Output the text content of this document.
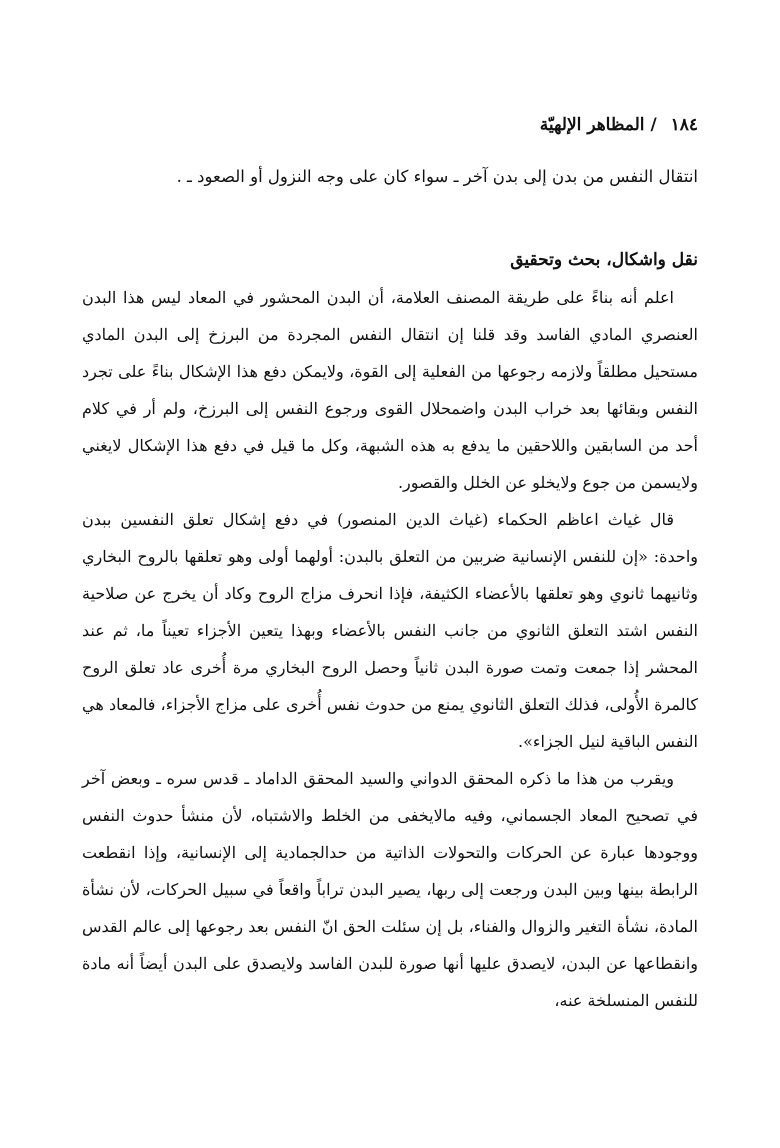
١٨٤ / المظاهر الإلهيّة

انتقال النفس من بدن إلى بدن آخر ـ سواء كان على وجه النزول أو الصعود ـ .

نقل واشكال، بحث وتحقيق

اعلم أنه بناءً على طريقة المصنف العلامة، أن البدن المحشور في المعاد ليس هذا البدن العنصري المادي الفاسد وقد قلنا إن انتقال النفس المجردة من البرزخ إلى البدن المادي مستحيل مطلقاً ولازمه رجوعها من الفعلية إلى القوة، ولايمكن دفع هذا الإشكال بناءً على تجرد النفس وبقائها بعد خراب البدن واضمحلال القوى ورجوع النفس إلى البرزخ، ولم أر في كلام أحد من السابقين واللاحقين ما يدفع به هذه الشبهة، وكل ما قيل في دفع هذا الإشكال لايغني ولايسمن من جوع ولايخلو عن الخلل والقصور.

قال غياث اعاظم الحكماء (غياث الدين المنصور) في دفع إشكال تعلق النفسين ببدن واحدة: «إن للنفس الإنسانية ضربين من التعلق بالبدن: أولهما أولى وهو تعلقها بالروح البخاري وثانيهما ثانوي وهو تعلقها بالأعضاء الكثيفة، فإذا انحرف مزاج الروح وكاد أن يخرج عن صلاحية النفس اشتد التعلق الثانوي من جانب النفس بالأعضاء وبهذا يتعين الأجزاء تعيناً ما، ثم عند المحشر إذا جمعت وتمت صورة البدن ثانياً وحصل الروح البخاري مرة أُخرى عاد تعلق الروح كالمرة الأُولى، فذلك التعلق الثانوي يمنع من حدوث نفس أُخرى على مزاج الأجزاء، فالمعاد هي النفس الباقية لنيل الجزاء».

ويقرب من هذا ما ذكره المحقق الدواني والسيد المحقق الداماد ـ قدس سره ـ وبعض آخر في تصحيح المعاد الجسماني، وفيه مالايخفى من الخلط والاشتباه، لأن منشأ حدوث النفس ووجودها عبارة عن الحركات والتحولات الذاتية من حدالجمادية إلى الإنسانية، وإذا انقطعت الرابطة بينها وبين البدن ورجعت إلى ربها، يصير البدن تراباً واقعاً في سبيل الحركات، لأن نشأة المادة، نشأة التغير والزوال والفناء، بل إن سئلت الحق انّ النفس بعد رجوعها إلى عالم القدس وانقطاعها عن البدن، لايصدق عليها أنها صورة للبدن الفاسد ولايصدق على البدن أيضاً أنه مادة للنفس المنسلخة عنه،
